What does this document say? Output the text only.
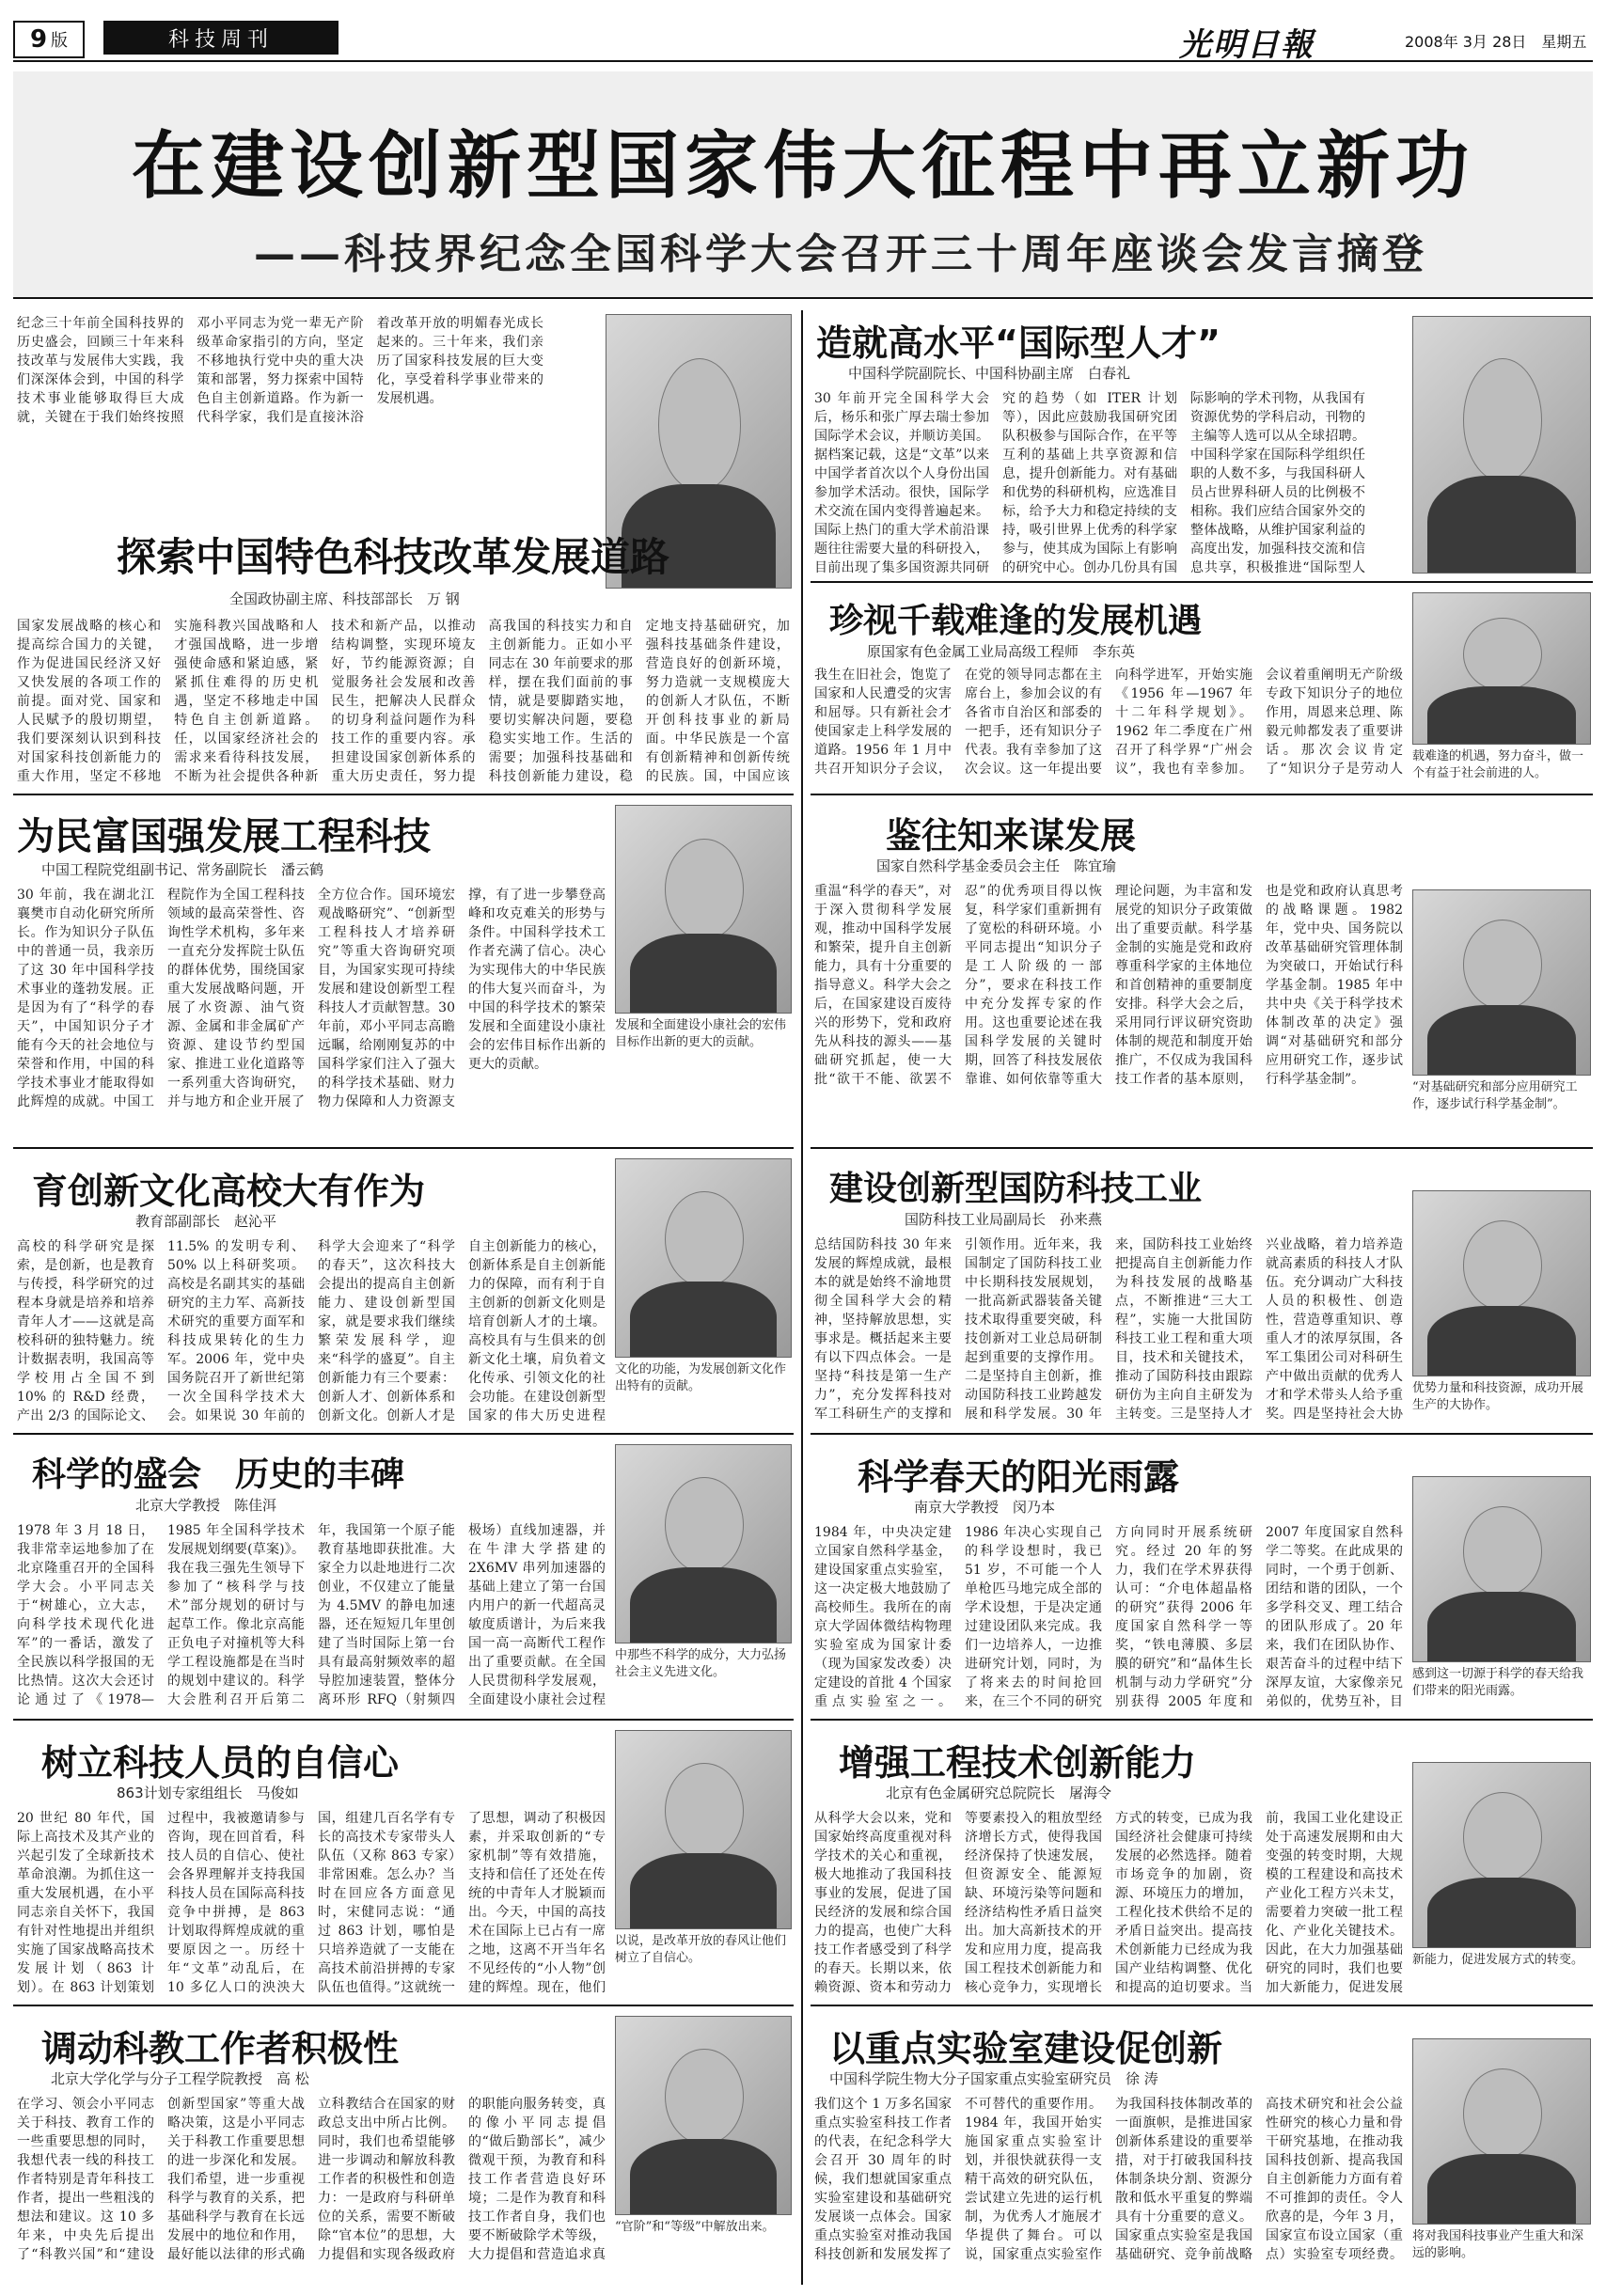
9 版	科技周刊	光明日報	2008年 3月 28日　星期五
在建设创新型国家伟大征程中再立新功
——科技界纪念全国科学大会召开三十周年座谈会发言摘登
纪念三十年前全国科技界的历史盛会，回顾三十年来科技改革与发展伟大实践，我们深深体会到，中国的科学技术事业能够取得巨大成就，关键在于我们始终按照邓小平同志为党一辈无产阶级革命家指引的方向，坚定不移地执行党中央的重大决策和部署，努力探索中国特色自主创新道路。作为新一代科学家，我们是直接沐浴着改革开放的明媚春光成长起来的。三十年来，我们亲历了国家科技发展的巨大变化，享受着科学事业带来的发展机遇。
探索中国特色科技改革发展道路
全国政协副主席、科技部部长　万 钢
国家发展战略的核心和提高综合国力的关键，作为促进国民经济又好又快发展的各项工作的前提。面对党、国家和人民赋予的殷切期望，我们要深刻认识到科技对国家科技创新能力的重大作用，坚定不移地实施科教兴国战略和人才强国战略，进一步增强使命感和紧迫感，紧紧抓住难得的历史机遇，坚定不移地走中国特色自主创新道路。任，以国家经济社会的需求来看待科技发展，不断为社会提供各种新技术和新产品，以推动结构调整，实现环境友好，节约能源资源；自觉服务社会发展和改善民生，把解决人民群众的切身利益问题作为科技工作的重要内容。承担建设国家创新体系的重大历史责任，努力提高我国的科技实力和自主创新能力。正如小平同志在 30 年前要求的那样，摆在我们面前的事情，就是要脚踏实地，要切实解决问题，要稳稳实实地工作。生活的需要；加强科技基础和科技创新能力建设，稳定地支持基础研究，加强科技基础条件建设，营造良好的创新环境，努力造就一支规模庞大的创新人才队伍，不断开创科技事业的新局面。中华民族是一个富有创新精神和创新传统的民族。国，中国应该
为民富国强发展工程科技
中国工程院党组副书记、常务副院长　潘云鹤
30 年前，我在湖北江襄樊市自动化研究所所长。作为知识分子队伍中的普通一员，我亲历了这 30 年中国科学技术事业的蓬勃发展。正是因为有了“科学的春天”，中国知识分子才能有今天的社会地位与荣誉和作用，中国的科学技术事业才能取得如此辉煌的成就。中国工程院作为全国工程科技领域的最高荣誉性、咨询性学术机构，多年来一直充分发挥院士队伍的群体优势，围绕国家重大发展战略问题，开展了水资源、油气资源、金属和非金属矿产资源、建设节约型国家、推进工业化道路等一系列重大咨询研究，并与地方和企业开展了全方位合作。国环境宏观战略研究”、“创新型工程科技人才培养研究”等重大咨询研究项目，为国家实现可持续发展和建设创新型工程科技人才贡献智慧。30 年前，邓小平同志高瞻远瞩，给刚刚复苏的中国科学家们注入了强大的科学技术基础、财力物力保障和人力资源支撑，有了进一步攀登高峰和攻克难关的形势与条件。中国科学技术工作者充满了信心。决心为实现伟大的中华民族的伟大复兴而奋斗，为中国的科学技术的繁荣发展和全面建设小康社会的宏伟目标作出新的更大的贡献。
发展和全面建设小康社会的宏伟目标作出新的更大的贡献。
育创新文化高校大有作为
教育部副部长　赵沁平
高校的科学研究是探索，是创新，也是教育与传授，科学研究的过程本身就是培养和培养青年人才——这就是高校科研的独特魅力。统计数据表明，我国高等学校用占全国不到 10% 的 R&D 经费，产出 2/3 的国际论文、11.5% 的发明专利、50% 以上科研奖项。高校是名副其实的基础研究的主力军、高新技术研究的重要方面军和科技成果转化的生力军。2006 年，党中央国务院召开了新世纪第一次全国科学技术大会。如果说 30 年前的科学大会迎来了“科学的春天”，这次科技大会提出的提高自主创新能力、建设创新型国家，就是要求我们继续繁荣发展科学，迎来“科学的盛夏”。自主创新能力有三个要素：创新人才、创新体系和创新文化。创新人才是自主创新能力的核心，创新体系是自主创新能力的保障，而有利于自主创新的创新文化则是培育创新人才的土壤。高校具有与生俱来的创新文化土壤，肩负着文化传承、引领文化的社会功能。在建设创新型国家的伟大历史进程
文化的功能，为发展创新文化作出特有的贡献。
科学的盛会　历史的丰碑
北京大学教授　陈佳洱
1978 年 3 月 18 日，我非常幸运地参加了在北京隆重召开的全国科学大会。小平同志关于“树雄心，立大志，向科学技术现代化进军”的一番话，激发了全民族以科学报国的无比热情。这次大会还讨论通过了《1978—1985 年全国科学技术发展规划纲要(草案)》。我在我三强先生领导下参加了“核科学与技术”部分规划的研讨与起草工作。像北京高能正负电子对撞机等大科学工程设施都是在当时的规划中建议的。科学大会胜利召开后第二年，我国第一个原子能教育基地即获批准。大家全力以赴地进行二次创业，不仅建立了能量为 4.5MV 的静电加速器，还在短短几年里创建了当时国际上第一台具有最高射频效率的超导腔加速装置，整体分离环形 RFQ（射频四极场）直线加速器，并在牛津大学搭建的 2X6MV 串列加速器的基础上建立了第一台国内用户的新一代超高灵敏度质谱计，为后来我国一高一高断代工程作出了重要贡献。在全国人民贯彻科学发展观，全面建设小康社会过程
中那些不科学的成分，大力弘扬社会主义先进文化。
树立科技人员的自信心
863计划专家组组长　马俊如
20 世纪 80 年代，国际上高技术及其产业的兴起引发了全球新技术革命浪潮。为抓住这一重大发展机遇，在小平同志亲自关怀下，我国有针对性地提出并组织实施了国家战略高技术发展计划（863 计划）。在 863 计划策划过程中，我被邀请参与咨询，现在回首看，科技人员的自信心、使社会各界理解并支持我国科技人员在国际高科技竞争中拼搏，是 863 计划取得辉煌成就的重要原因之一。历经十年“文革”动乱后，在 10 多亿人口的泱泱大国，组建几百名学有专长的高技术专家带头人队伍（又称 863 专家）非常困难。怎么办？当时在回应各方面意见时，宋健同志说：“通过 863 计划，哪怕是只培养造就了一支能在高技术前沿拼搏的专家队伍也值得。”这就统一了思想，调动了积极因素，并采取创新的“专家机制”等有效措施，支持和信任了还处在传统的中青年人才脱颖而出。今天，中国的高技术在国际上已占有一席之地，这离不开当年名不见经传的“小人物”创建的辉煌。现在，他们
以说，是改革开放的春风让他们树立了自信心。
调动科教工作者积极性
北京大学化学与分子工程学院教授　高 松
在学习、领会小平同志关于科技、教育工作的一些重要思想的同时，我想代表一线的科技工作者特别是青年科技工作者，提出一些粗浅的想法和建议。这 10 多年来，中央先后提出了“科教兴国”和“建设创新型国家”等重大战略决策，这是小平同志关于科教工作重要思想的进一步深化和发展。我们希望，进一步重视科学与教育的关系，把基础科学与教育在长远发展中的地位和作用，最好能以法律的形式确立科教结合在国家的财政总支出中所占比例。同时，我们也希望能够进一步调动和解放科教工作者的积极性和创造力：一是政府与科研单位的关系，需要不断破除“官本位”的思想，大力提倡和实现各级政府的职能向服务转变，真的像小平同志提倡的“做后勤部长”，减少微观干预，为教育和科技工作者营造良好环境；二是作为教育和科技工作者自身，我们也要不断破除学术等级，大力提倡和营造追求真
“官阶”和“等级”中解放出来。
造就高水平“国际型人才”
中国科学院副院长、中国科协副主席　白春礼
30 年前开完全国科学大会后，杨乐和张广厚去瑞士参加国际学术会议，并顺访美国。据档案记载，这是“文革”以来中国学者首次以个人身份出国参加学术活动。很快，国际学术交流在国内变得普遍起来。国际上热门的重大学术前沿课题往往需要大量的科研投入，目前出现了集多国资源共同研究的趋势（如 ITER 计划等），因此应鼓励我国研究团队积极参与国际合作，在平等互利的基础上共享资源和信息，提升创新能力。对有基础和优势的科研机构，应选准目标，给予大力和稳定持续的支持，吸引世界上优秀的科学家参与，使其成为国际上有影响的研究中心。创办几份具有国际影响的学术刊物，从我国有资源优势的学科启动，刊物的主编等人选可以从全球招聘。中国科学家在国际科学组织任职的人数不多，与我国科研人员占世界科研人员的比例极不相称。我们应结合国家外交的整体战略，从维护国家利益的高度出发，加强科技交流和信息共享，积极推进“国际型人
珍视千载难逢的发展机遇
原国家有色金属工业局高级工程师　李东英
我生在旧社会，饱览了国家和人民遭受的灾害和屈辱。只有新社会才使国家走上科学发展的道路。1956 年 1 月中共召开知识分子会议，在党的领导同志都在主席台上，参加会议的有各省市自治区和部委的一把手，还有知识分子代表。我有幸参加了这次会议。这一年提出要向科学进军，开始实施《1956 年—1967 年十二年科学规划》。1962 年二季度在广州召开了科学界“广州会议”，我也有幸参加。会议着重阐明无产阶级专政下知识分子的地位作用，周恩来总理、陈毅元帅都发表了重要讲话。那次会议肯定了“知识分子是劳动人
载难逢的机遇，努力奋斗，做一个有益于社会前进的人。
鉴往知来谋发展
国家自然科学基金委员会主任　陈宜瑜
重温“科学的春天”，对于深入贯彻科学发展观，推动中国科学发展和繁荣，提升自主创新能力，具有十分重要的指导意义。科学大会之后，在国家建设百废待兴的形势下，党和政府先从科技的源头——基础研究抓起，使一大批“欲干不能、欲罢不忍”的优秀项目得以恢复，科学家们重新拥有了宽松的科研环境。小平同志提出“知识分子是工人阶级的一部分”，要求在科技工作中充分发挥专家的作用。这也重要论述在我国科学发展的关键时期，回答了科技发展依靠谁、如何依靠等重大理论问题，为丰富和发展党的知识分子政策做出了重要贡献。科学基金制的实施是党和政府尊重科学家的主体地位和首创精神的重要制度安排。科学大会之后，采用同行评议研究资助体制的规范和制度开始推广，不仅成为我国科技工作者的基本原则，也是党和政府认真思考的战略课题。1982 年，党中央、国务院以改革基础研究管理体制为突破口，开始试行科学基金制。1985 年中共中央《关于科学技术体制改革的决定》强调“对基础研究和部分应用研究工作，逐步试行科学基金制”。
“对基础研究和部分应用研究工作，逐步试行科学基金制”。
建设创新型国防科技工业
国防科技工业局副局长　孙来燕
总结国防科技 30 年来发展的辉煌成就，最根本的就是始终不渝地贯彻全国科学大会的精神，坚持解放思想，实事求是。概括起来主要有以下四点体会。一是坚持“科技是第一生产力”，充分发挥科技对军工科研生产的支撑和引领作用。近年来，我国制定了国防科技工业中长期科技发展规划，一批高新武器装备关键技术取得重要突破，科技创新对工业总局研制起到重要的支撑作用。二是坚持自主创新，推动国防科技工业跨越发展和科学发展。30 年来，国防科技工业始终把提高自主创新能力作为科技发展的战略基点，不断推进“三大工程”，实施一大批国防科技工业工程和重大项目，技术和关键技术，推动了国防科技由跟踪研仿为主向自主研发为主转变。三是坚持人才兴业战略，着力培养造就高素质的科技人才队伍。充分调动广大科技人员的积极性、创造性，营造尊重知识、尊重人才的浓厚氛围，各军工集团公司对科研生产中做出贡献的优秀人才和学术带头人给予重奖。四是坚持社会大协
优势力量和科技资源，成功开展生产的大协作。
科学春天的阳光雨露
南京大学教授　闵乃本
1984 年，中央决定建立国家自然科学基金，建设国家重点实验室，这一决定极大地鼓励了高校师生。我所在的南京大学固体微结构物理实验室成为国家计委（现为国家发改委）决定建设的首批 4 个国家重点实验室之一。1986 年决心实现自己的科学设想时，我已 51 岁，不可能一个人单枪匹马地完成全部的学术设想，于是决定通过建设团队来完成。我们一边培养人，一边推进研究计划，同时，为了将来去的时间抢回来，在三个不同的研究方向同时开展系统研究。经过 20 年的努力，我们在学术界获得认可：“介电体超晶格的研究”获得 2006 年度国家自然科学一等奖，“铁电薄膜、多层膜的研究”和“晶体生长机制与动力学研究”分别获得 2005 年度和 2007 年度国家自然科学二等奖。在此成果的同时，一个勇于创新、团结和谐的团队，一个多学科交叉、理工结合的团队形成了。20 年来，我们在团队协作、艰苦奋斗的过程中结下深厚友谊，大家像亲兄弟似的，优势互补，目
感到这一切源于科学的春天给我们带来的阳光雨露。
增强工程技术创新能力
北京有色金属研究总院院长　屠海令
从科学大会以来，党和国家始终高度重视对科学技术的关心和重视，极大地推动了我国科技事业的发展，促进了国民经济的发展和综合国力的提高，也使广大科技工作者感受到了科学的春天。长期以来，依赖资源、资本和劳动力等要素投入的粗放型经济增长方式，使得我国经济保持了快速发展，但资源安全、能源短缺、环境污染等问题和经济结构性矛盾日益突出。加大高新技术的开发和应用力度，提高我国工程技术创新能力和核心竞争力，实现增长方式的转变，已成为我国经济社会健康可持续发展的必然选择。随着市场竞争的加剧，资源、环境压力的增加，工程化技术供给不足的矛盾日益突出。提高技术创新能力已经成为我国产业结构调整、优化和提高的迫切要求。当前，我国工业化建设正处于高速发展期和由大变强的转变时期，大规模的工程建设和高技术产业化工程方兴未艾，需要着力突破一批工程化、产业化关键技术。因此，在大力加强基础研究的同时，我们也要加大新能力，促进发展
新能力，促进发展方式的转变。
以重点实验室建设促创新
中国科学院生物大分子国家重点实验室研究员　徐 涛
我们这个 1 万多名国家重点实验室科技工作者的代表，在纪念科学大会召开 30 周年的时候，我们想就国家重点实验室建设和基础研究发展谈一点体会。国家重点实验室对推动我国科技创新和发展发挥了不可替代的重要作用。1984 年，我国开始实施国家重点实验室计划，并很快就获得一支精干高效的研究队伍，尝试建立先进的运行机制，为优秀人才施展才华提供了舞台。可以说，国家重点实验室作为我国科技体制改革的一面旗帜，是推进国家创新体系建设的重要举措，对于打破我国科技体制条块分割、资源分散和低水平重复的弊端具有十分重要的意义。国家重点实验室是我国基础研究、竞争前战略高技术研究和社会公益性研究的核心力量和骨干研究基地，在推动我国科技创新、提高我国自主创新能力方面有着不可推卸的责任。令人欣喜的是，今年 3 月，国家宣布设立国家（重点）实验室专项经费。
将对我国科技事业产生重大和深远的影响。
